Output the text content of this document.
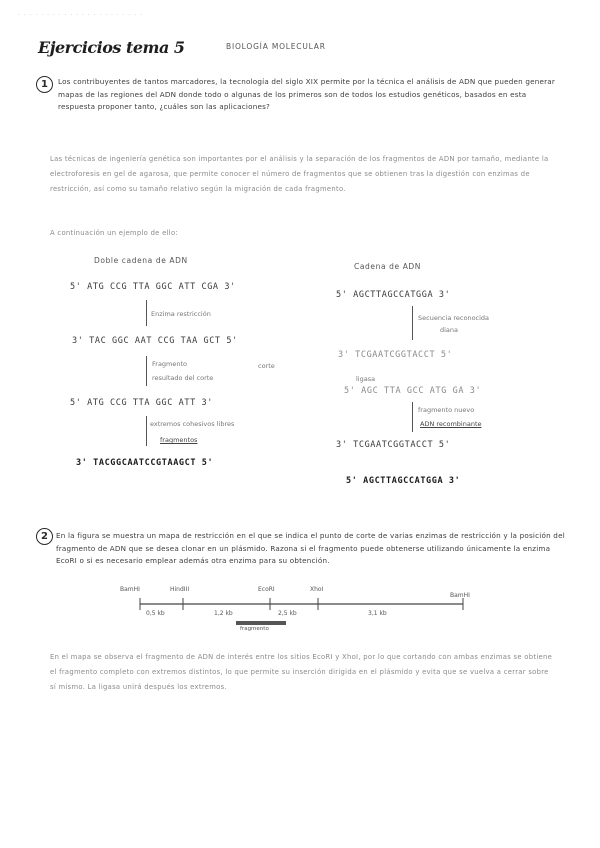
· · · · · · · · · · · · · · · · · · · · · ·
Ejercicios tema 5	BIOLOGÍA MOLECULAR
1	Los contribuyentes de tantos marcadores, la tecnología del siglo XIX permite por la técnica el análisis de ADN que pueden generar mapas de las regiones del ADN donde todo o algunas de los primeros son de todos los estudios genéticos, basados en esta respuesta proponer tanto, ¿cuáles son las aplicaciones?
Las técnicas de ingeniería genética son importantes por el análisis y la separación de los fragmentos de ADN por tamaño, mediante la electroforesis en gel de agarosa, que permite conocer el número de fragmentos que se obtienen tras la digestión con enzimas de restricción, así como su tamaño relativo según la migración de cada fragmento.
A continuación un ejemplo de ello:
Doble cadena de ADN
5' ATG CCG TTA GGC ATT CGA 3'
Enzima restricción
3' TAC GGC AAT CCG TAA GCT 5'
Fragmento	corte
resultado del corte
5' ATG CCG TTA GGC ATT 3'
extremos cohesivos libres
fragmentos
3' TACGGCAATCCGTAAGCT 5'
Cadena de ADN
5' AGCTTAGCCATGGA 3'
Secuencia reconocida
diana
3' TCGAATCGGTACCT 5'
ligasa
5' AGC TTA GCC ATG GA 3'
fragmento nuevo
ADN recombinante
3' TCGAATCGGTACCT 5'
5' AGCTTAGCCATGGA 3'
2	En la figura se muestra un mapa de restricción en el que se indica el punto de corte de varias enzimas de restricción y la posición del fragmento de ADN que se desea clonar en un plásmido. Razona si el fragmento puede obtenerse utilizando únicamente la enzima EcoRI o si es necesario emplear además otra enzima para su obtención.
BamHI	HindIII	EcoRI	XhoI
BamHI
0,5 kb	1,2 kb	2,5 kb	3,1 kb
fragmento
En el mapa se observa el fragmento de ADN de interés entre los sitios EcoRI y XhoI, por lo que cortando con ambas enzimas se obtiene el fragmento completo con extremos distintos, lo que permite su inserción dirigida en el plásmido y evita que se vuelva a cerrar sobre sí mismo. La ligasa unirá después los extremos.
